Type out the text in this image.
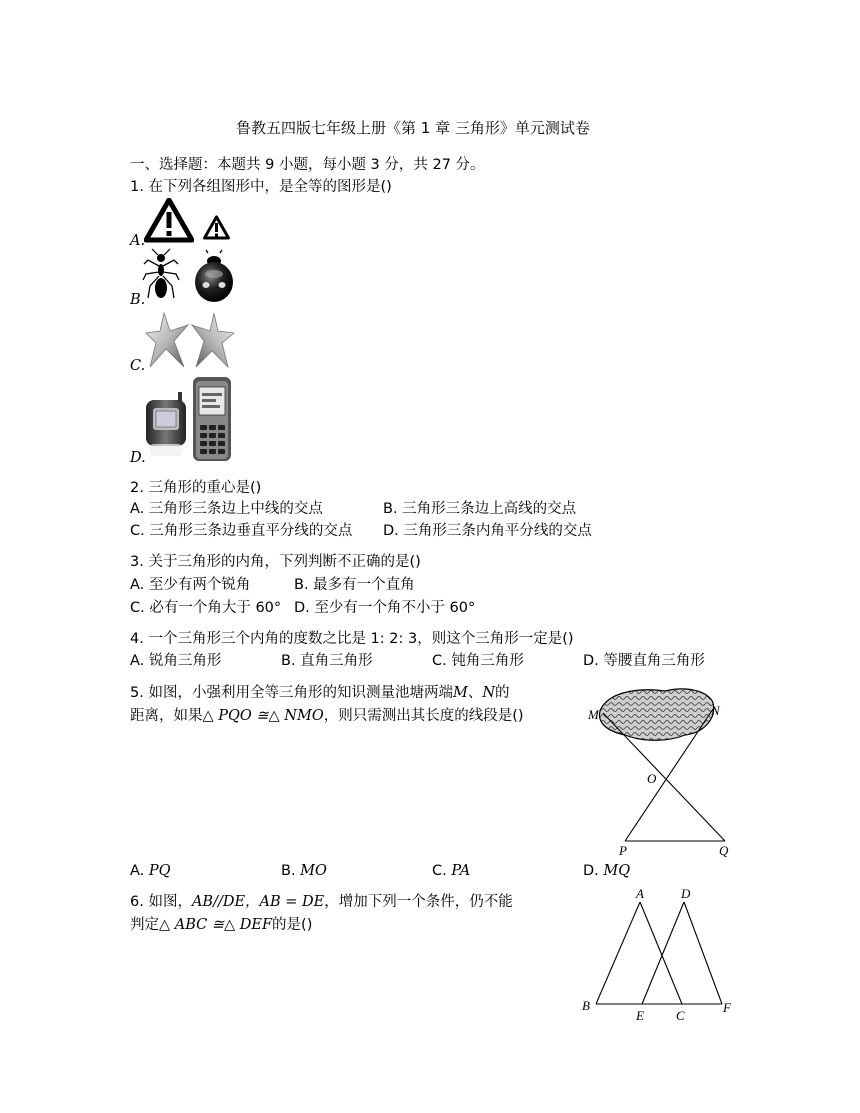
鲁教五四版七年级上册《第 1 章 三角形》单元测试卷
一、选择题：本题共 9 小题，每小题 3 分，共 27 分。
1. 在下列各组图形中，是全等的图形是()
A.
B.
C.
D.
2. 三角形的重心是()
A. 三角形三条边上中线的交点	B. 三角形三条边上高线的交点
C. 三角形三条边垂直平分线的交点 D. 三角形三条内角平分线的交点
3. 关于三角形的内角，下列判断不正确的是()
A. 至少有两个锐角	B. 最多有一个直角
C. 必有一个角大于 60° D. 至少有一个角不小于 60°
4. 一个三角形三个内角的度数之比是 1: 2: 3，则这个三角形一定是()
A. 锐角三角形	B. 直角三角形	C. 钝角三角形	D. 等腰直角三角形
5. 如图，小强利用全等三角形的知识测量池塘两端M、N的
距离，如果△ PQO ≅△ NMO，则只需测出其长度的线段是()	M	N
O
P	Q
A. PQ	B. MO	C. PA	D. MQ
6. 如图，AB//DE，AB = DE，增加下列一个条件，仍不能
判定△ ABC ≅△ DEF的是()
A	D
B	F
E C
